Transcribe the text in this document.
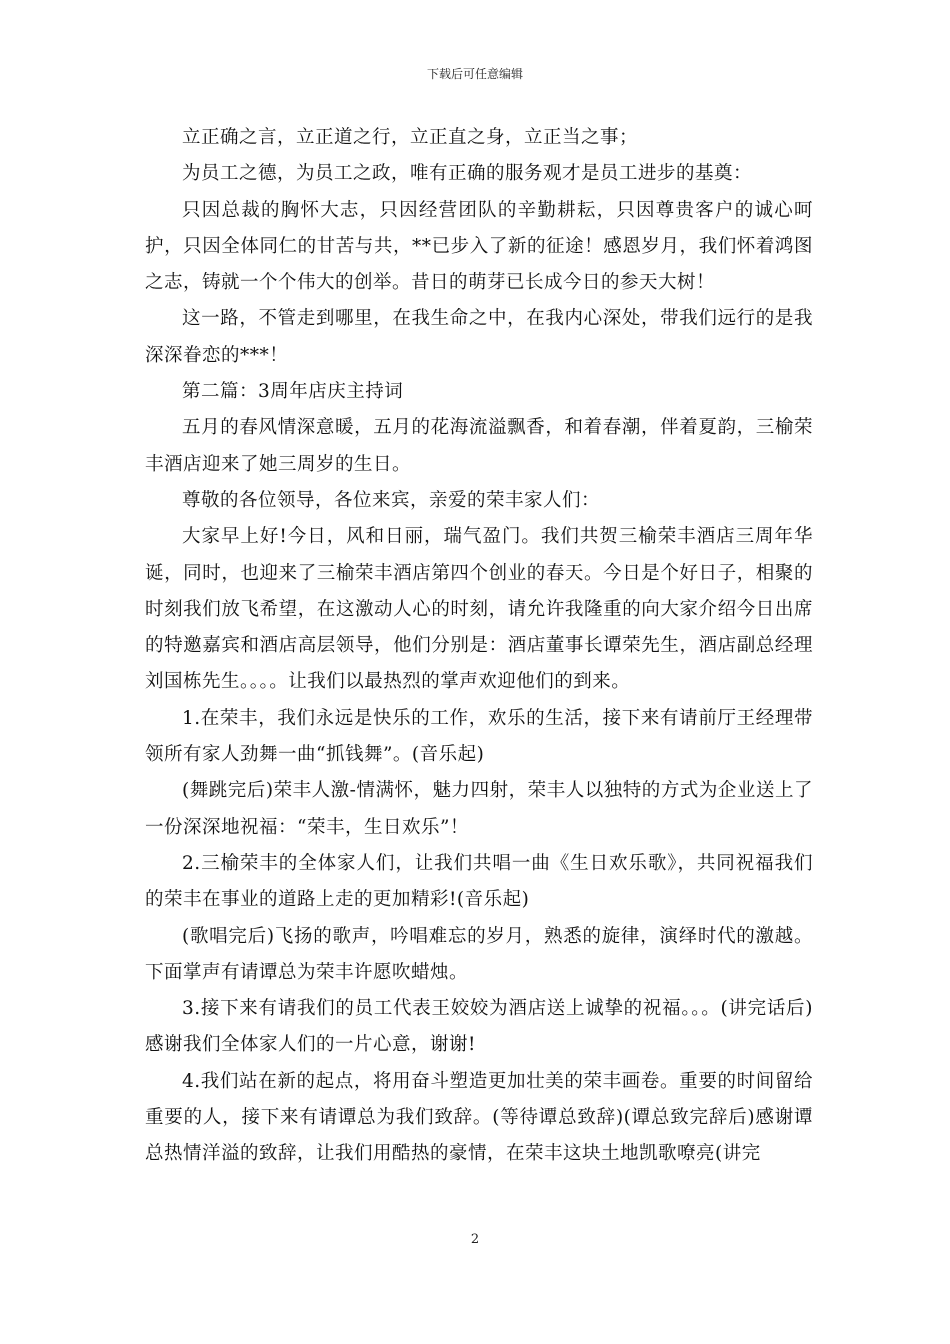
下载后可任意编辑

立正确之言，立正道之行，立正直之身，立正当之事；

为员工之德，为员工之政，唯有正确的服务观才是员工进步的基奠：

只因总裁的胸怀大志，只因经营团队的辛勤耕耘，只因尊贵客户的诚心呵护，只因全体同仁的甘苦与共，**已步入了新的征途！感恩岁月，我们怀着鸿图之志，铸就一个个伟大的创举。昔日的萌芽已长成今日的参天大树！

这一路，不管走到哪里，在我生命之中，在我内心深处，带我们远行的是我深深眷恋的***！

第二篇：3周年店庆主持词

五月的春风情深意暖，五月的花海流溢飘香，和着春潮，伴着夏韵，三榆荣丰酒店迎来了她三周岁的生日。

尊敬的各位领导，各位来宾，亲爱的荣丰家人们：

大家早上好!今日，风和日丽，瑞气盈门。我们共贺三榆荣丰酒店三周年华诞，同时，也迎来了三榆荣丰酒店第四个创业的春天。今日是个好日子，相聚的时刻我们放飞希望，在这激动人心的时刻，请允许我隆重的向大家介绍今日出席的特邀嘉宾和酒店高层领导，他们分别是：酒店董事长谭荣先生，酒店副总经理刘国栋先生。。。。让我们以最热烈的掌声欢迎他们的到来。

1.在荣丰，我们永远是快乐的工作，欢乐的生活，接下来有请前厅王经理带领所有家人劲舞一曲“抓钱舞”。(音乐起)

(舞跳完后)荣丰人激-情满怀，魅力四射，荣丰人以独特的方式为企业送上了一份深深地祝福：“荣丰，生日欢乐”！

2.三榆荣丰的全体家人们，让我们共唱一曲《生日欢乐歌》，共同祝福我们的荣丰在事业的道路上走的更加精彩!(音乐起)

(歌唱完后)飞扬的歌声，吟唱难忘的岁月，熟悉的旋律，演绎时代的激越。下面掌声有请谭总为荣丰许愿吹蜡烛。

3.接下来有请我们的员工代表王姣姣为酒店送上诚挚的祝福。。。(讲完话后)感谢我们全体家人们的一片心意，谢谢!

4.我们站在新的起点，将用奋斗塑造更加壮美的荣丰画卷。重要的时间留给重要的人，接下来有请谭总为我们致辞。(等待谭总致辞)(谭总致完辞后)感谢谭总热情洋溢的致辞，让我们用酷热的豪情，在荣丰这块土地凯歌嘹亮(讲完

2
